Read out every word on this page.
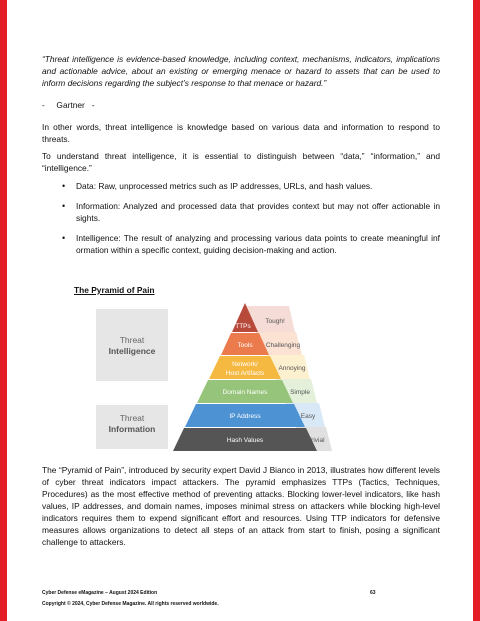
“Threat intelligence is evidence-based knowledge, including context, mechanisms, indicators, implications and actionable advice, about an existing or emerging menace or hazard to assets that can be used to inform decisions regarding the subject’s response to that menace or hazard.”

-     Gartner   -

In other words, threat intelligence is knowledge based on various data and information to respond to threats.

To understand threat intelligence, it is essential to distinguish between “data,” “information,” and “intelligence.”

• Data: Raw, unprocessed metrics such as IP addresses, URLs, and hash values.
• Information: Analyzed and processed data that provides context but may not offer actionable in sights.
• Intelligence: The result of analyzing and processing various data points to create meaningful inf ormation within a specific context, guiding decision-making and action.

The Pyramid of Pain

Threat
Intelligence
Threat
Information
TTPs
Tools
Network/
Host Artifacts
Domain Names
IP Address
Hash Values
Tough!
Challenging
Annoying
Simple
Easy
Trivial

The “Pyramid of Pain”, introduced by security expert David J Bianco in 2013, illustrates how different levels of cyber threat indicators impact attackers. The pyramid emphasizes TTPs (Tactics, Techniques, Procedures) as the most effective method of preventing attacks. Blocking lower-level indicators, like hash values, IP addresses, and domain names, imposes minimal stress on attackers while blocking high-level indicators requires them to expend significant effort and resources. Using TTP indicators for defensive measures allows organizations to detect all steps of an attack from start to finish, posing a significant challenge to attackers.

Cyber Defense eMagazine – August 2024 Edition	63
Copyright © 2024, Cyber Defense Magazine. All rights reserved worldwide.
